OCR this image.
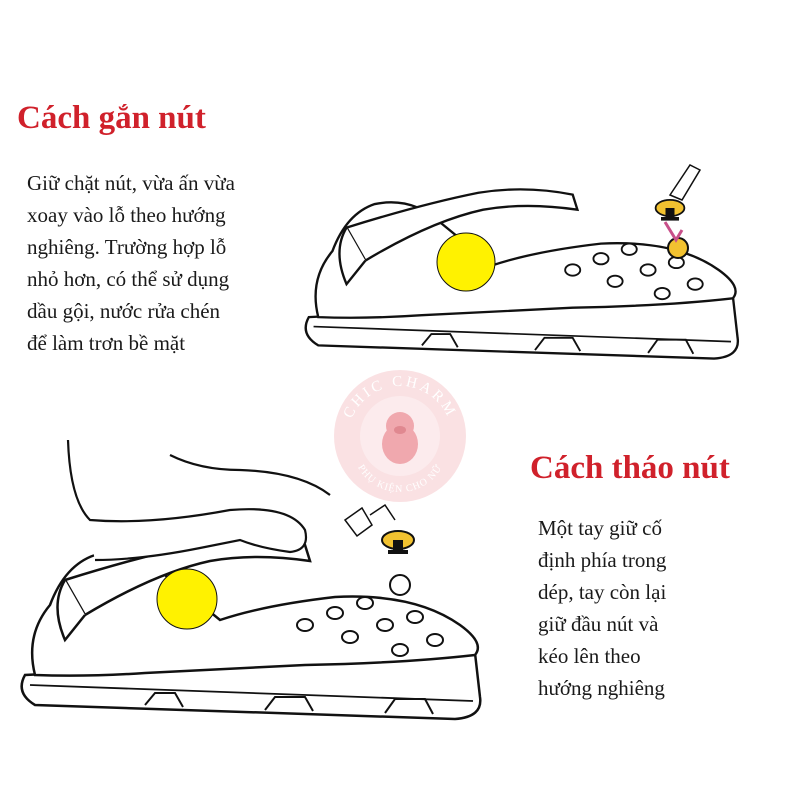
CHIC CHARM
PHỤ KIỆN CHO NỮ
Cách gắn nút
Giữ chặt nút, vừa ấn vừa
xoay vào lỗ theo hướng
nghiêng. Trường hợp lỗ
nhỏ hơn, có thể sử dụng
dầu gội, nước rửa chén
để làm trơn bề mặt
Cách tháo nút
Một tay giữ cố
định phía trong
dép, tay còn lại
giữ đầu nút và
kéo lên theo
hướng nghiêng
